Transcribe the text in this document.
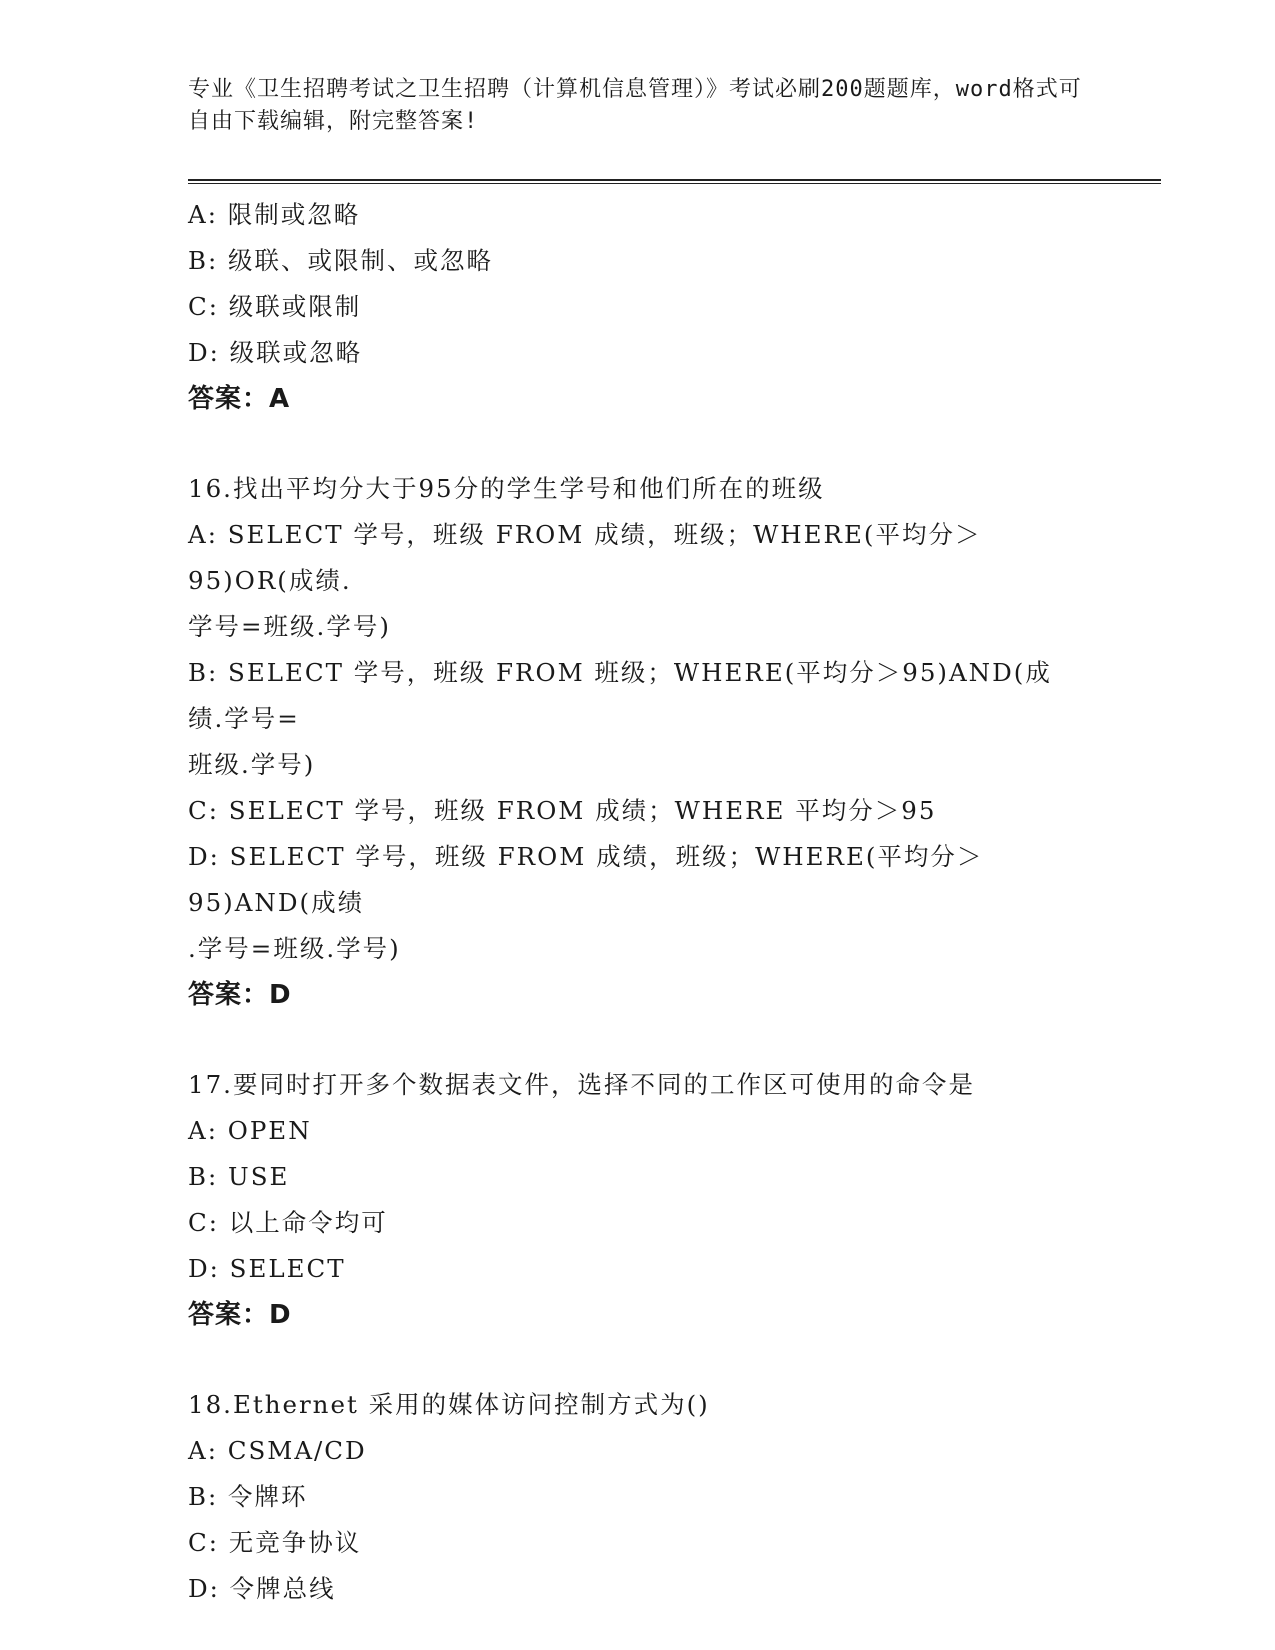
专业《卫生招聘考试之卫生招聘（计算机信息管理）》考试必刷200题题库，word格式可自由下载编辑，附完整答案!
A: 限制或忽略
B: 级联、或限制、或忽略
C: 级联或限制
D: 级联或忽略
答案：A
16.找出平均分大于95分的学生学号和他们所在的班级
A: SELECT 学号，班级 FROM 成绩，班级；WHERE(平均分＞95)OR(成绩.
学号=班级.学号)
B: SELECT 学号，班级 FROM 班级；WHERE(平均分＞95)AND(成绩.学号=
班级.学号)
C: SELECT 学号，班级 FROM 成绩；WHERE 平均分＞95
D: SELECT 学号，班级 FROM 成绩，班级；WHERE(平均分＞95)AND(成绩
.学号=班级.学号)
答案：D
17.要同时打开多个数据表文件，选择不同的工作区可使用的命令是
A: OPEN
B: USE
C: 以上命令均可
D: SELECT
答案：D
18.Ethernet 采用的媒体访问控制方式为()
A: CSMA/CD
B: 令牌环
C: 无竞争协议
D: 令牌总线
